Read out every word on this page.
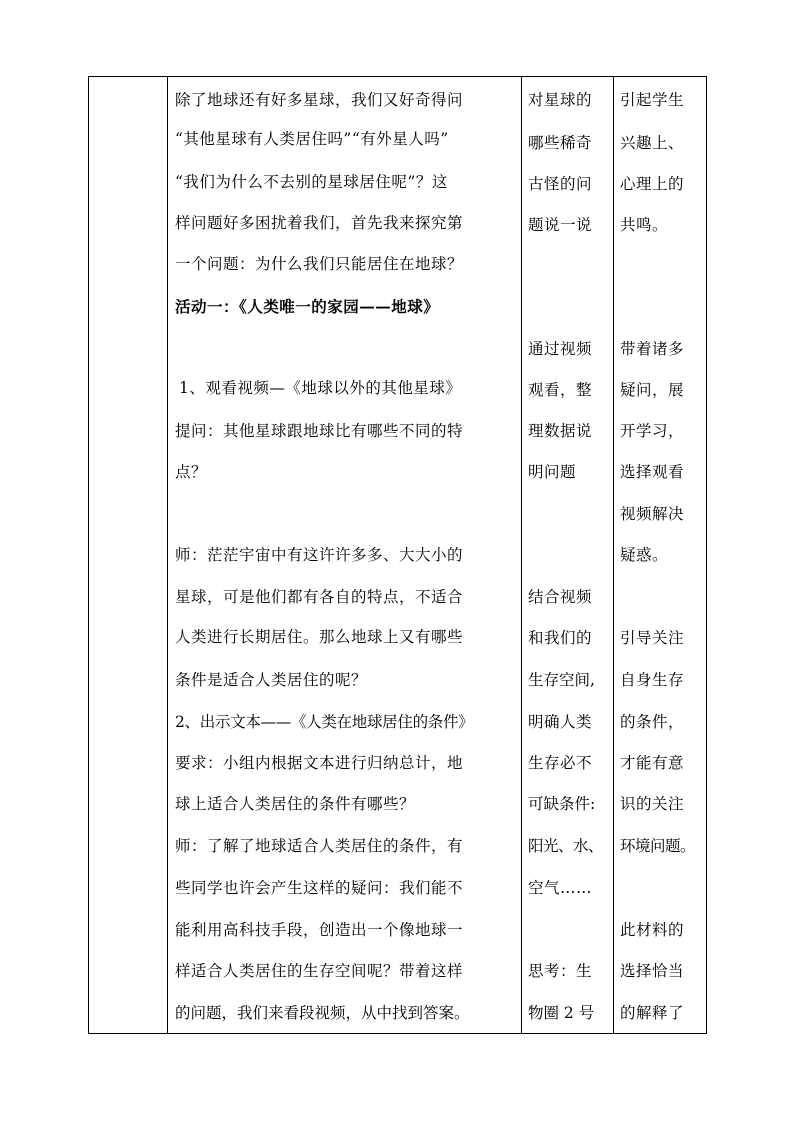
除了地球还有好多星球，我们又好奇得问
“其他星球有人类居住吗”“有外星人吗”
“我们为什么不去别的星球居住呢”？这
样问题好多困扰着我们，首先我来探究第
一个问题：为什么我们只能居住在地球？
活动一：《人类唯一的家园——地球》
1、观看视频—《地球以外的其他星球》
提问：其他星球跟地球比有哪些不同的特
点？
师：茫茫宇宙中有这许许多多、大大小的
星球，可是他们都有各自的特点，不适合
人类进行长期居住。那么地球上又有哪些
条件是适合人类居住的呢？
2、出示文本——《人类在地球居住的条件》
要求：小组内根据文本进行归纳总计，地
球上适合人类居住的条件有哪些？
师：了解了地球适合人类居住的条件，有
些同学也许会产生这样的疑问：我们能不
能利用高科技手段，创造出一个像地球一
样适合人类居住的生存空间呢？带着这样
的问题，我们来看段视频，从中找到答案。
对星球的
哪些稀奇
古怪的问
题说一说
通过视频
观看，整
理数据说
明问题
结合视频
和我们的
生存空间,
明确人类
生存必不
可缺条件:
阳光、水、
空气……
思考：生
物圈 2 号
引起学生
兴趣上、
心理上的
共鸣。
带着诸多
疑问，展
开学习，
选择观看
视频解决
疑惑。
引导关注
自身生存
的条件，
才能有意
识的关注
环境问题。
此材料的
选择恰当
的解释了
